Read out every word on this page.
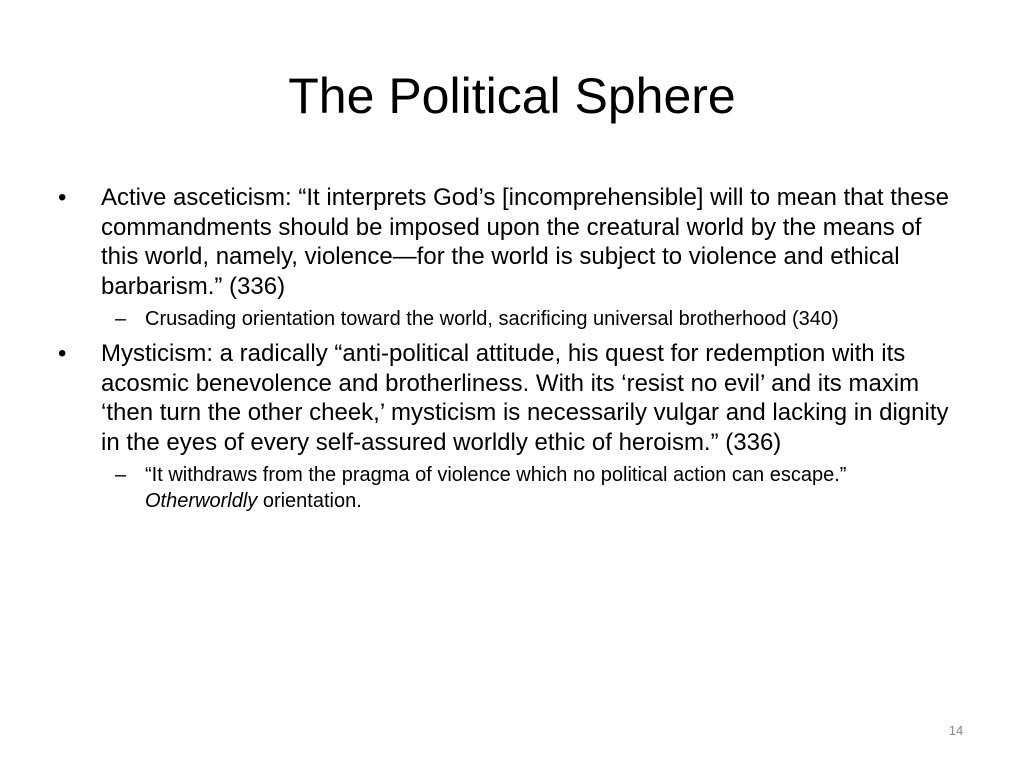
The Political Sphere
•	Active asceticism: “It interprets God’s [incomprehensible] will to mean that these commandments should be imposed upon the creatural world by the means of this world, namely, violence—for the world is subject to violence and ethical barbarism.” (336)
– Crusading orientation toward the world, sacrificing universal brotherhood (340)
•	Mysticism: a radically “anti-political attitude, his quest for redemption with its acosmic benevolence and brotherliness. With its ‘resist no evil’ and its maxim ‘then turn the other cheek,’ mysticism is necessarily vulgar and lacking in dignity in the eyes of every self-assured worldly ethic of heroism.” (336)
– “It withdraws from the pragma of violence which no political action can escape.” Otherworldly orientation.
14
